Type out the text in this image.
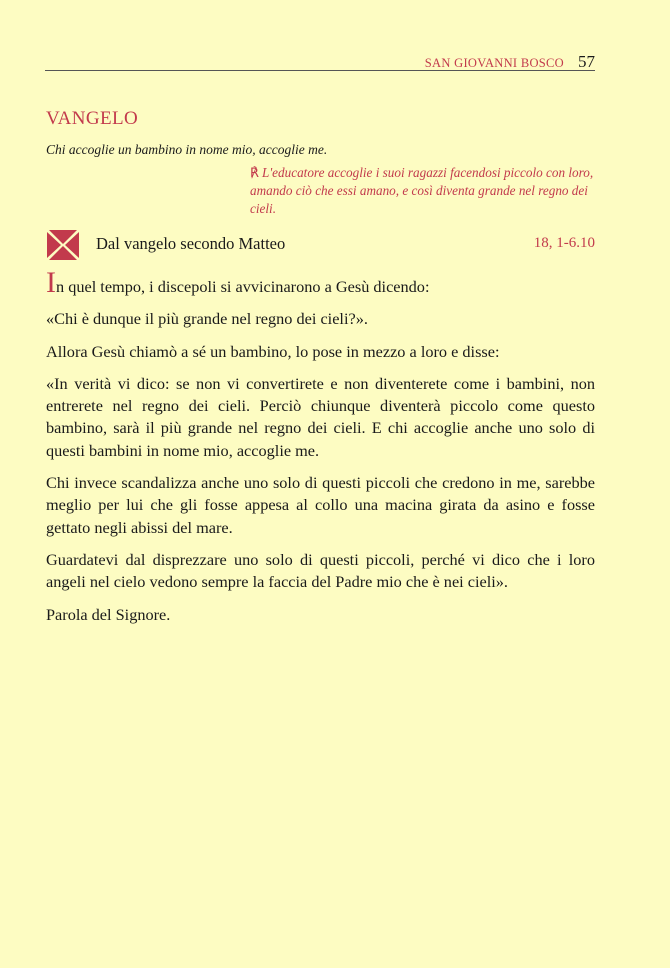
SAN GIOVANNI BOSCO 57
VANGELO
Chi accoglie un bambino in nome mio, accoglie me.
℟ L'educatore accoglie i suoi ragazzi facendosi piccolo con loro, amando ciò che essi amano, e così diventa grande nel regno dei cieli.
Dal vangelo secondo Matteo	18, 1-6.10

In quel tempo, i discepoli si avvicinarono a Gesù dicendo:

«Chi è dunque il più grande nel regno dei cieli?».

Allora Gesù chiamò a sé un bambino, lo pose in mezzo a loro e disse:

«In verità vi dico: se non vi convertirete e non diventerete come i bambini, non entrerete nel regno dei cieli. Perciò chiunque diventerà piccolo come questo bambino, sarà il più grande nel regno dei cieli. E chi accoglie anche uno solo di questi bambini in nome mio, accoglie me.

Chi invece scandalizza anche uno solo di questi piccoli che credono in me, sarebbe meglio per lui che gli fosse appesa al collo una macina girata da asino e fosse gettato negli abissi del mare.

Guardatevi dal disprezzare uno solo di questi piccoli, perché vi dico che i loro angeli nel cielo vedono sempre la faccia del Padre mio che è nei cieli».

Parola del Signore.
